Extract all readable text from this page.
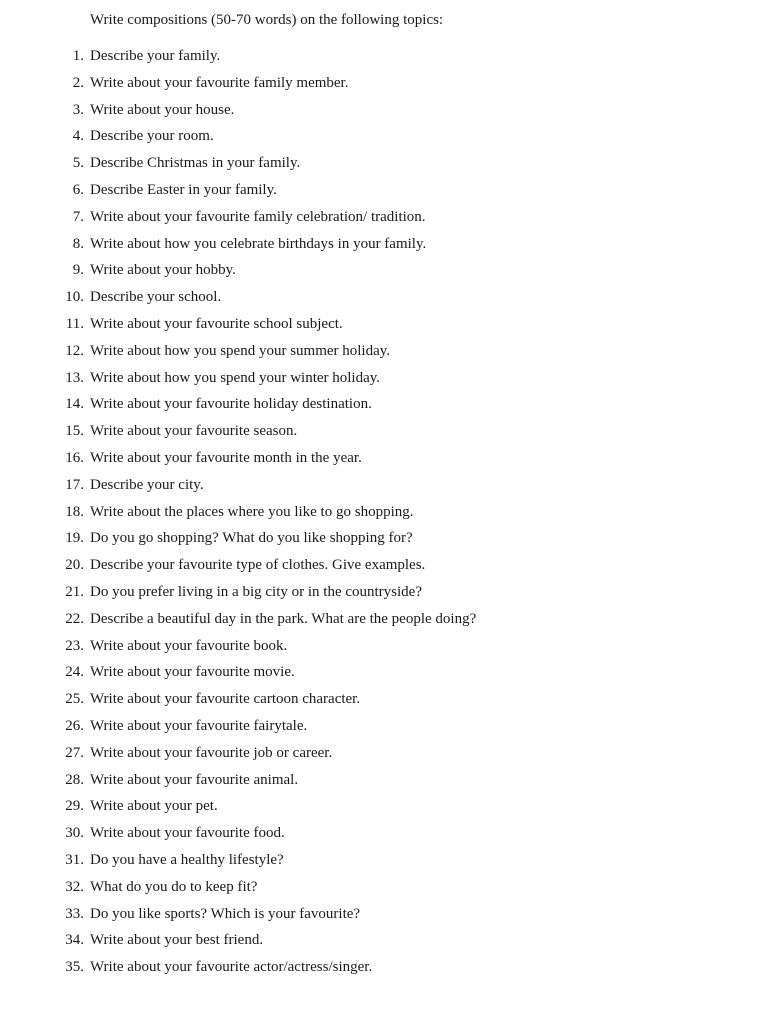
Write compositions (50-70 words) on the following topics:
1. Describe your family.
2. Write about your favourite family member.
3. Write about your house.
4. Describe your room.
5. Describe Christmas in your family.
6. Describe Easter in your family.
7. Write about your favourite family celebration/ tradition.
8. Write about how you celebrate birthdays in your family.
9. Write about your hobby.
10. Describe your school.
11. Write about your favourite school subject.
12. Write about how you spend your summer holiday.
13. Write about how you spend your winter holiday.
14. Write about your favourite holiday destination.
15. Write about your favourite season.
16. Write about your favourite month in the year.
17. Describe your city.
18. Write about the places where you like to go shopping.
19. Do you go shopping? What do you like shopping for?
20. Describe your favourite type of clothes. Give examples.
21. Do you prefer living in a big city or in the countryside?
22. Describe a beautiful day in the park. What are the people doing?
23. Write about your favourite book.
24. Write about your favourite movie.
25. Write about your favourite cartoon character.
26. Write about your favourite fairytale.
27. Write about your favourite job or career.
28. Write about your favourite animal.
29. Write about your pet.
30. Write about your favourite food.
31. Do you have a healthy lifestyle?
32. What do you do to keep fit?
33. Do you like sports? Which is your favourite?
34. Write about your best friend.
35. Write about your favourite actor/actress/singer.
